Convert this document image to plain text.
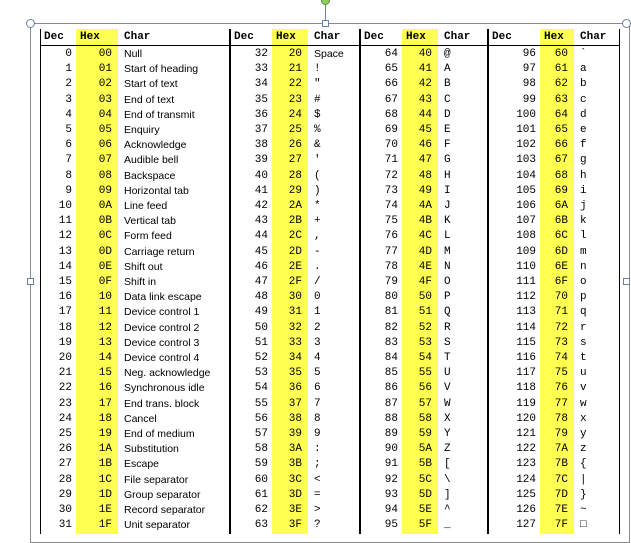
Dec	Hex	Char
0	00 Null
1	01 Start of heading
2	02 Start of text
3	03 End of text
4	04 End of transmit
5	05 Enquiry
6	06 Acknowledge
7	07 Audible bell
8	08 Backspace
9	09 Horizontal tab
10	0A Line feed
11	0B Vertical tab
12	0C Form feed
13	0D Carriage return
14	0E Shift out
15	0F Shift in
16	10 Data link escape
17	11 Device control 1
18	12 Device control 2
19	13 Device control 3
20	14 Device control 4
21	15 Neg. acknowledge
22	16 Synchronous idle
23	17 End trans. block
24	18 Cancel
25	19 End of medium
26	1A Substitution
27	1B Escape
28	1C File separator
29	1D Group separator
30	1E Record separator
31	1F Unit separator
Dec	Hex	Char
32	20 Space
33	21 !
34	22 "
35	23 #
36	24 $
37	25 %
38	26 &
39	27 '
40	28 (
41	29 )
42	2A *
43	2B +
44	2C ,
45	2D -
46	2E .
47	2F /
48	30 0
49	31 1
50	32 2
51	33 3
52	34 4
53	35 5
54	36 6
55	37 7
56	38 8
57	39 9
58	3A :
59	3B ;
60	3C <
61	3D =
62	3E >
63	3F ?
Dec	Hex	Char
64	40 @
65	41 A
66	42 B
67	43 C
68	44 D
69	45 E
70	46 F
71	47 G
72	48 H
73	49 I
74	4A J
75	4B K
76	4C L
77	4D M
78	4E N
79	4F O
80	50 P
81	51 Q
82	52 R
83	53 S
84	54 T
85	55 U
86	56 V
87	57 W
88	58 X
89	59 Y
90	5A Z
91	5B [
92	5C \
93	5D ]
94	5E ^
95	5F _
Dec	Hex	Char
96	60 `
97	61 a
98	62 b
99	63 c
100	64 d
101	65 e
102	66 f
103	67 g
104	68 h
105	69 i
106	6A j
107	6B k
108	6C l
109	6D m
110	6E n
111	6F o
112	70 p
113	71 q
114	72 r
115	73 s
116	74 t
117	75 u
118	76 v
119	77 w
120	78 x
121	79 y
122	7A z
123	7B {
124	7C |
125	7D }
126	7E ~
127	7F □
